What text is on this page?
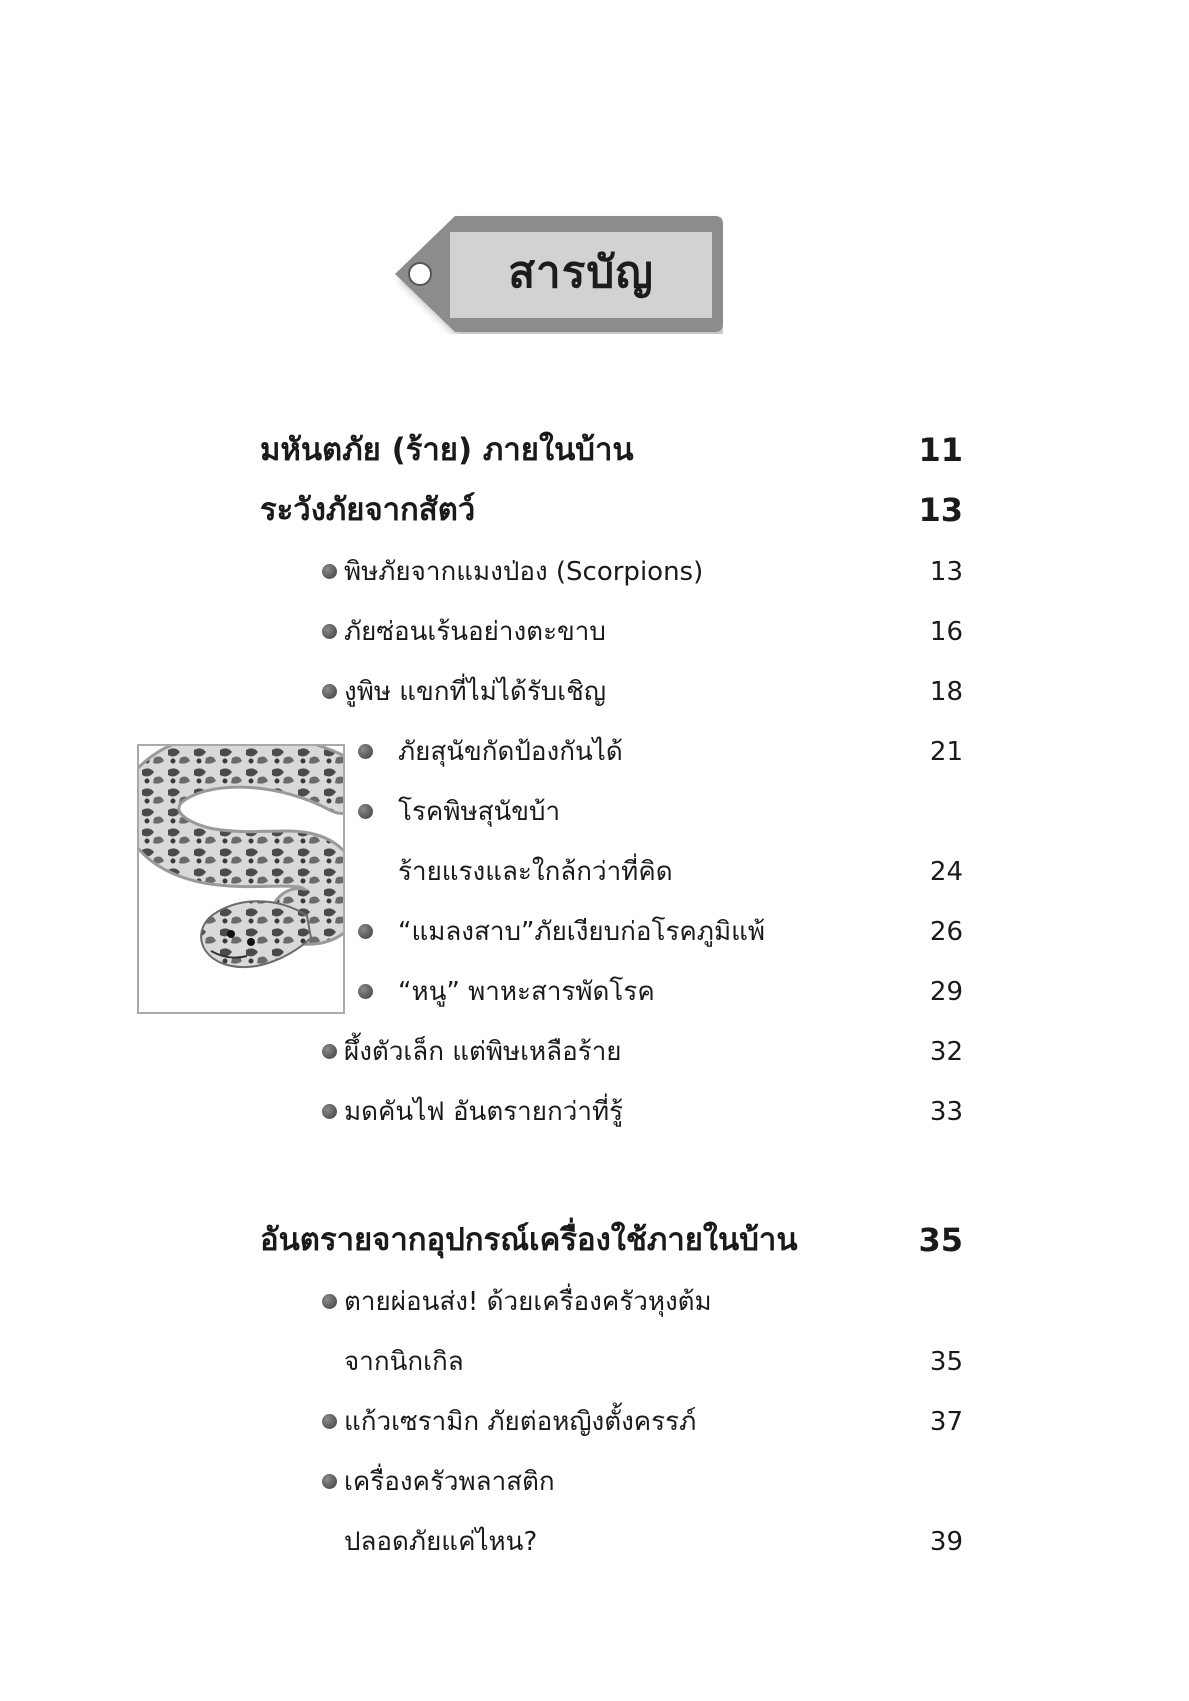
สารบัญ
มหันตภัย (ร้าย) ภายในบ้าน	11
ระวังภัยจากสัตว์	13
พิษภัยจากแมงป่อง (Scorpions)	13
ภัยซ่อนเร้นอย่างตะขาบ	16
งูพิษ แขกที่ไม่ได้รับเชิญ	18
ภัยสุนัขกัดป้องกันได้	21
โรคพิษสุนัขบ้า
ร้ายแรงและใกล้กว่าที่คิด	24
“แมลงสาบ”ภัยเงียบก่อโรคภูมิแพ้	26
“หนู” พาหะสารพัดโรค	29
ผึ้งตัวเล็ก แต่พิษเหลือร้าย	32
มดคันไฟ อันตรายกว่าที่รู้	33
อันตรายจากอุปกรณ์เครื่องใช้ภายในบ้าน	35
ตายผ่อนส่ง! ด้วยเครื่องครัวหุงต้ม
จากนิกเกิล	35
แก้วเซรามิก ภัยต่อหญิงตั้งครรภ์	37
เครื่องครัวพลาสติก
ปลอดภัยแค่ไหน?	39
